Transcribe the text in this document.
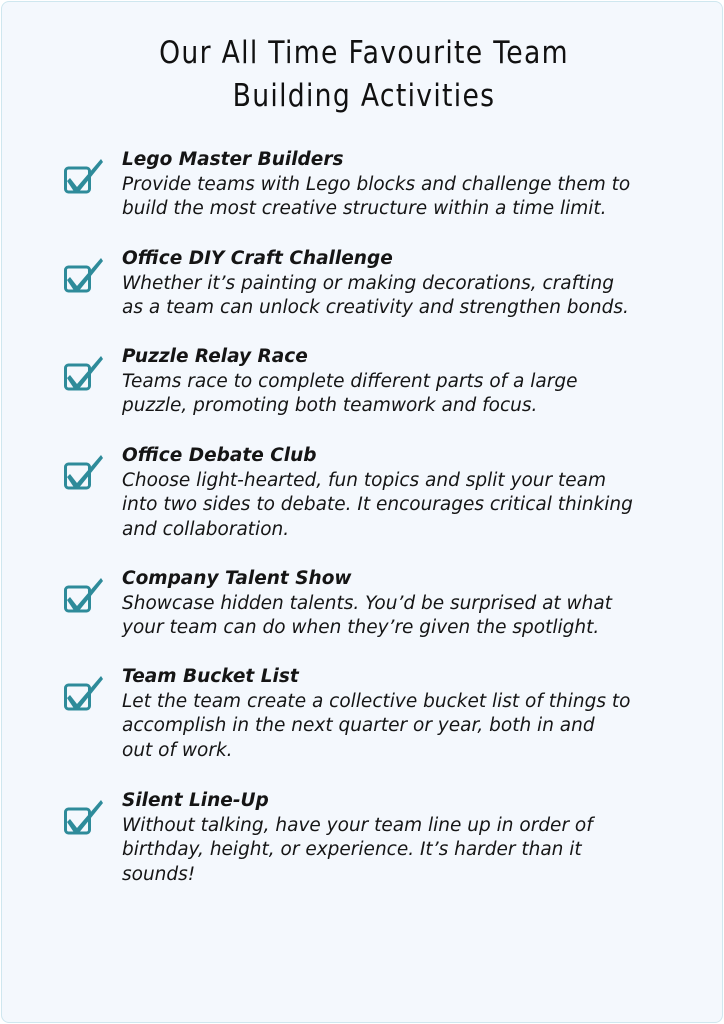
Our All Time Favourite Team
Building Activities
Lego Master Builders
Provide teams with Lego blocks and challenge them to
build the most creative structure within a time limit.
Office DIY Craft Challenge
Whether it’s painting or making decorations, crafting
as a team can unlock creativity and strengthen bonds.
Puzzle Relay Race
Teams race to complete different parts of a large
puzzle, promoting both teamwork and focus.
Office Debate Club
Choose light-hearted, fun topics and split your team
into two sides to debate. It encourages critical thinking
and collaboration.
Company Talent Show
Showcase hidden talents. You’d be surprised at what
your team can do when they’re given the spotlight.
Team Bucket List
Let the team create a collective bucket list of things to
accomplish in the next quarter or year, both in and
out of work.
Silent Line-Up
Without talking, have your team line up in order of
birthday, height, or experience. It’s harder than it
sounds!
